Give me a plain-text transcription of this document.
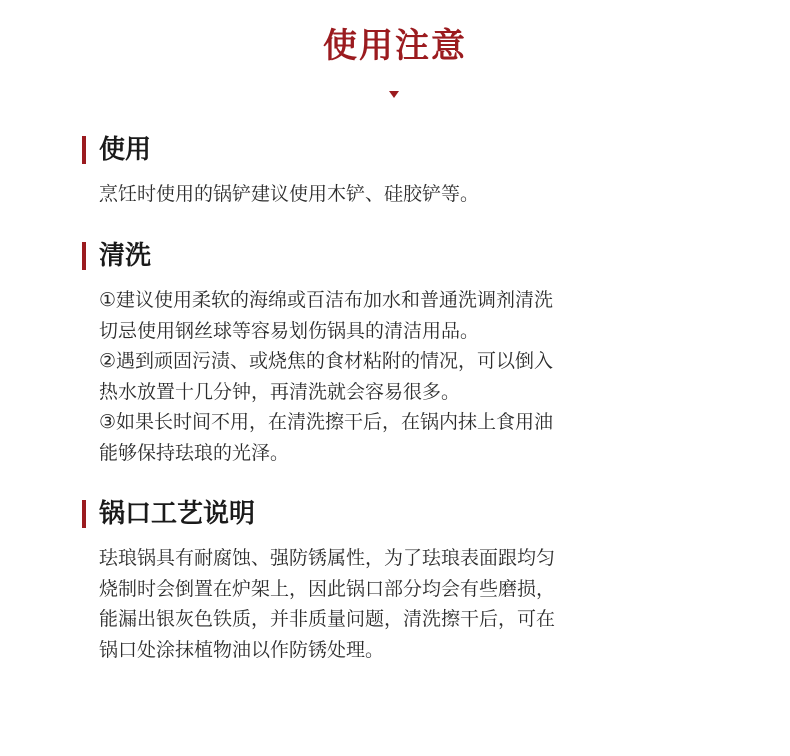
使用注意
使用
烹饪时使用的锅铲建议使用木铲、硅胶铲等。
清洗
①建议使用柔软的海绵或百洁布加水和普通洗调剂清洗
切忌使用钢丝球等容易划伤锅具的清洁用品。
②遇到顽固污渍、或烧焦的食材粘附的情况，可以倒入
热水放置十几分钟，再清洗就会容易很多。
③如果长时间不用，在清洗擦干后，在锅内抹上食用油
能够保持珐琅的光泽。
锅口工艺说明
珐琅锅具有耐腐蚀、强防锈属性，为了珐琅表面跟均匀
烧制时会倒置在炉架上，因此锅口部分均会有些磨损，
能漏出银灰色铁质，并非质量问题，清洗擦干后，可在
锅口处涂抹植物油以作防锈处理。
